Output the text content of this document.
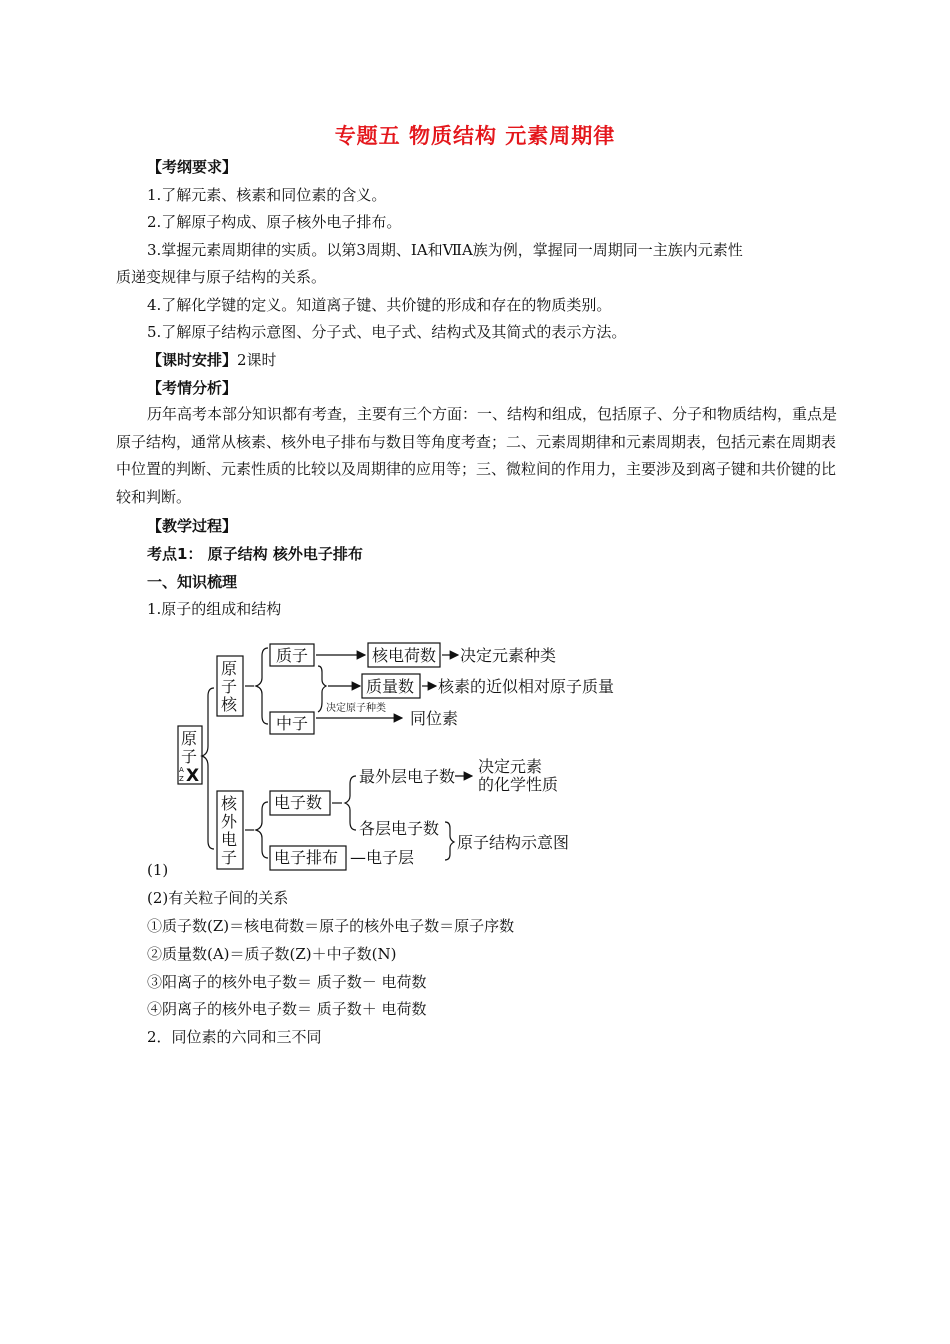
专题五 物质结构 元素周期律
【考纲要求】
1.了解元素、核素和同位素的含义。
2.了解原子构成、原子核外电子排布。
3.掌握元素周期律的实质。以第3周期、ⅠA和ⅦA族为例，掌握同一周期同一主族内元素性
质递变规律与原子结构的关系。
4.了解化学键的定义。知道离子键、共价键的形成和存在的物质类别。
5.了解原子结构示意图、分子式、电子式、结构式及其简式的表示方法。
【课时安排】2课时
【考情分析】
历年高考本部分知识都有考查，主要有三个方面：一、结构和组成，包括原子、分子和物质结构，重点是原子结构，通常从核素、核外电子排布与数目等角度考查；二、元素周期律和元素周期表，包括元素在周期表中位置的判断、元素性质的比较以及周期律的应用等；三、微粒间的作用力，主要涉及到离子键和共价键的比较和判断。
【教学过程】
考点1： 原子结构 核外电子排布
一、知识梳理
1.原子的组成和结构
原
子
A
Z X
原
子
核
核
外
电
子
质子
中子
核电荷数 决定元素种类
质量数 核素的近似相对原子质量
决定原子种类
同位素
电子数
最外层电子数
决定元素
的化学性质
各层电子数
原子结构示意图
电子排布 —电子层
(1)
(2)有关粒子间的关系
①质子数(Z)＝核电荷数＝原子的核外电子数＝原子序数
②质量数(A)＝质子数(Z)＋中子数(N)
③阳离子的核外电子数＝ 质子数－ 电荷数
④阴离子的核外电子数＝ 质子数＋ 电荷数
2．同位素的六同和三不同
